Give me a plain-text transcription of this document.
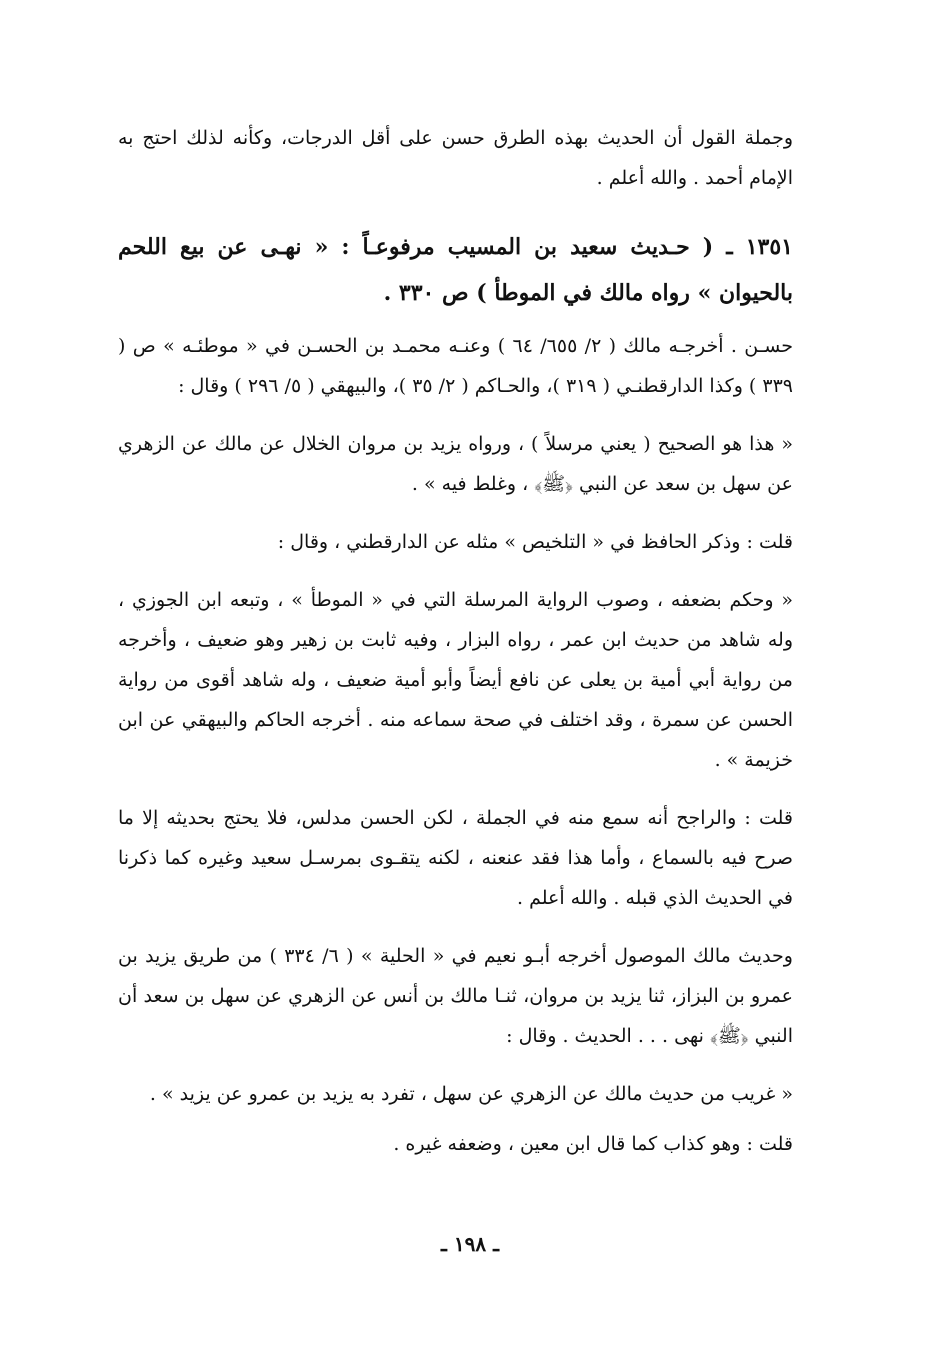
وجملة القول أن الحديث بهذه الطرق حسن على أقل الدرجات، وكأنه لذلك احتج به الإمام أحمد . والله أعلم .

١٣٥١ ـ ( حـديث سعيد بن المسيب مرفوعـاً : « نهـى عن بيع اللحم بالحيوان » رواه مالك في الموطأ ) ص ٣٣٠ .

حسـن . أخرجـه مالك ( ٢/ ٦٥٥/ ٦٤ ) وعنـه محمـد بن الحسـن في « موطئـه » ص ( ٣٣٩ ) وكذا الدارقطنـي ( ٣١٩ )، والحـاكم ( ٢/ ٣٥ )، والبيهقي ( ٥/ ٢٩٦ ) وقال :

« هذا هو الصحيح ( يعني مرسلاً ) ، ورواه يزيد بن مروان الخلال عن مالك عن الزهري عن سهل بن سعد عن النبي ﴿ﷺ﴾ ، وغلط فيه » .

قلت : وذكر الحافظ في « التلخيص » مثله عن الدارقطني ، وقال :

« وحكم بضعفه ، وصوب الرواية المرسلة التي في « الموطأ » ، وتبعه ابن الجوزي ، وله شاهد من حديث ابن عمر ، رواه البزار ، وفيه ثابت بن زهير وهو ضعيف ، وأخرجه من رواية أبي أمية بن يعلى عن نافع أيضاً وأبو أمية ضعيف ، وله شاهد أقوى من رواية الحسن عن سمرة ، وقد اختلف في صحة سماعه منه . أخرجه الحاكم والبيهقي عن ابن خزيمة » .

قلت : والراجح أنه سمع منه في الجملة ، لكن الحسن مدلس، فلا يحتج بحديثه إلا ما صرح فيه بالسماع ، وأما هذا فقد عنعنه ، لكنه يتقـوى بمرسـل سعيد وغيره كما ذكرنا في الحديث الذي قبله . والله أعلم .

وحديث مالك الموصول أخرجه أبـو نعيم في « الحلية » ( ٦/ ٣٣٤ ) من طريق يزيد بن عمرو بن البزاز، ثنا يزيد بن مروان، ثنـا مالك بن أنس عن الزهري عن سهل بن سعد أن النبي ﴿ﷺ﴾ نهى . . . الحديث . وقال :

« غريب من حديث مالك عن الزهري عن سهل ، تفرد به يزيد بن عمرو عن يزيد » .

قلت : وهو كذاب كما قال ابن معين ، وضعفه غيره .

ـ ١٩٨ ـ
